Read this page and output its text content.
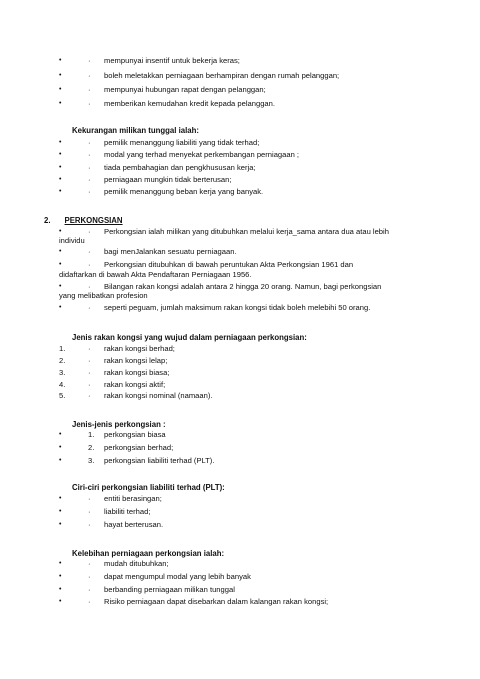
•	· mempunyai insentif untuk bekerja keras;
•	· boleh meletakkan perniagaan berhampiran dengan rumah pelanggan;
•	· mempunyai hubungan rapat dengan pelanggan;
•	· memberikan kemudahan kredit kepada pelanggan.
Kekurangan milikan tunggal ialah:
•	· pemilik menanggung liabiliti yang tidak terhad;
•	· modal yang terhad menyekat perkembangan perniagaan ;
•	· tiada pembahagian dan pengkhususan kerja;
•	· perniagaan mungkin tidak berterusan;
•	· pemilik menanggung beban kerja yang banyak.
2. PERKONGSIAN
•	· Perkongsian ialah milikan yang ditubuhkan melalui kerja_sama antara dua atau lebih
individu
•	· bagi menJalankan sesuatu perniagaan.
•	· Perkongsian ditubuhkan di bawah peruntukan Akta Perkongsian 1961 dan
didaftarkan di bawah Akta Pendaftaran Perniagaan 1956.
•	· Bilangan rakan kongsi adalah antara 2 hingga 20 orang. Namun, bagi perkongsian
yang melibatkan profesion
•	· seperti peguam, jumlah maksimum rakan kongsi tidak boleh melebihi 50 orang.
Jenis rakan kongsi yang wujud dalam perniagaan perkongsian:
1.	· rakan kongsi berhad;
2.	· rakan kongsi lelap;
3.	· rakan kongsi biasa;
4.	· rakan kongsi aktif;
5.	· rakan kongsi nominal (namaan).
Jenis-jenis perkongsian :
•	1. perkongsian biasa
•	2. perkongsian berhad;
•	3. perkongsian liabiliti terhad (PLT).
Ciri-ciri perkongsian liabiliti terhad (PLT):
•	· entiti berasingan;
•	· liabiliti terhad;
•	· hayat berterusan.
Kelebihan perniagaan perkongsian ialah:
•	· mudah ditubuhkan;
•	· dapat mengumpul modal yang lebih banyak
•	· berbanding perniagaan milikan tunggal
•	· Risiko perniagaan dapat disebarkan dalam kalangan rakan kongsi;
